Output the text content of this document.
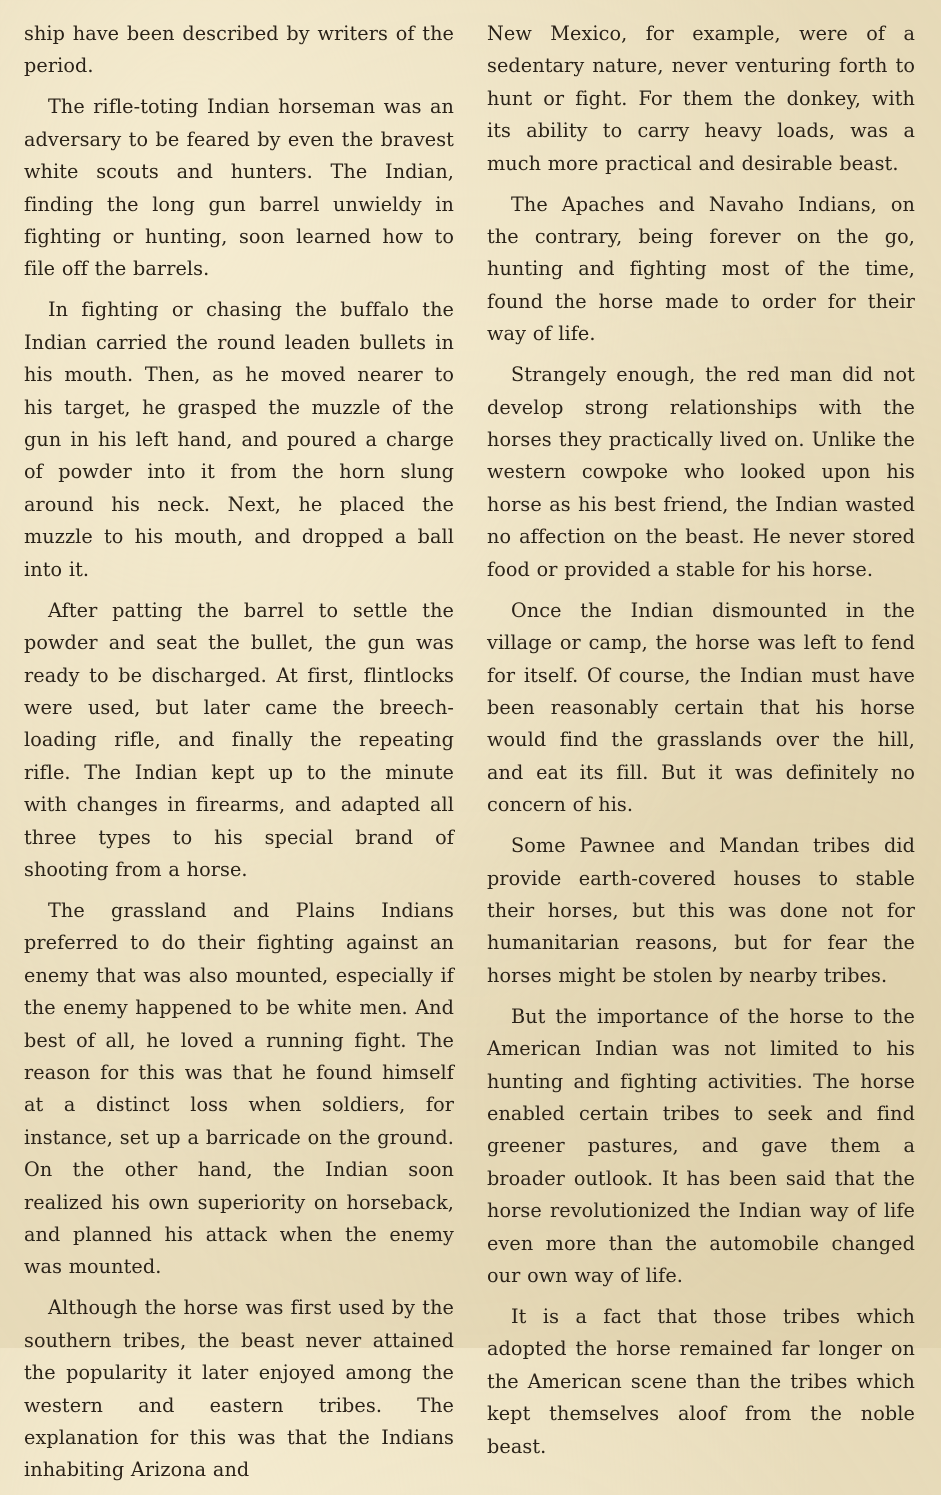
ship have been described by writers of the period.

The rifle-toting Indian horseman was an adversary to be feared by even the bravest white scouts and hunters. The Indian, finding the long gun barrel unwieldy in fighting or hunting, soon learned how to file off the barrels.

In fighting or chasing the buffalo the Indian carried the round leaden bullets in his mouth. Then, as he moved nearer to his target, he grasped the muzzle of the gun in his left hand, and poured a charge of powder into it from the horn slung around his neck. Next, he placed the muzzle to his mouth, and dropped a ball into it.

After patting the barrel to settle the powder and seat the bullet, the gun was ready to be discharged. At first, flintlocks were used, but later came the breech-loading rifle, and finally the repeating rifle. The Indian kept up to the minute with changes in firearms, and adapted all three types to his special brand of shooting from a horse.

The grassland and Plains Indians preferred to do their fighting against an enemy that was also mounted, especially if the enemy happened to be white men. And best of all, he loved a running fight. The reason for this was that he found himself at a distinct loss when soldiers, for instance, set up a barricade on the ground. On the other hand, the Indian soon realized his own superiority on horseback, and planned his attack when the enemy was mounted.

Although the horse was first used by the southern tribes, the beast never attained the popularity it later enjoyed among the western and eastern tribes. The explanation for this was that the Indians inhabiting Arizona and

New Mexico, for example, were of a sedentary nature, never venturing forth to hunt or fight. For them the donkey, with its ability to carry heavy loads, was a much more practical and desirable beast.

The Apaches and Navaho Indians, on the contrary, being forever on the go, hunting and fighting most of the time, found the horse made to order for their way of life.

Strangely enough, the red man did not develop strong relationships with the horses they practically lived on. Unlike the western cowpoke who looked upon his horse as his best friend, the Indian wasted no affection on the beast. He never stored food or provided a stable for his horse.

Once the Indian dismounted in the village or camp, the horse was left to fend for itself. Of course, the Indian must have been reasonably certain that his horse would find the grasslands over the hill, and eat its fill. But it was definitely no concern of his.

Some Pawnee and Mandan tribes did provide earth-covered houses to stable their horses, but this was done not for humanitarian reasons, but for fear the horses might be stolen by nearby tribes.

But the importance of the horse to the American Indian was not limited to his hunting and fighting activities. The horse enabled certain tribes to seek and find greener pastures, and gave them a broader outlook. It has been said that the horse revolutionized the Indian way of life even more than the automobile changed our own way of life.

It is a fact that those tribes which adopted the horse remained far longer on the American scene than the tribes which kept themselves aloof from the noble beast.
